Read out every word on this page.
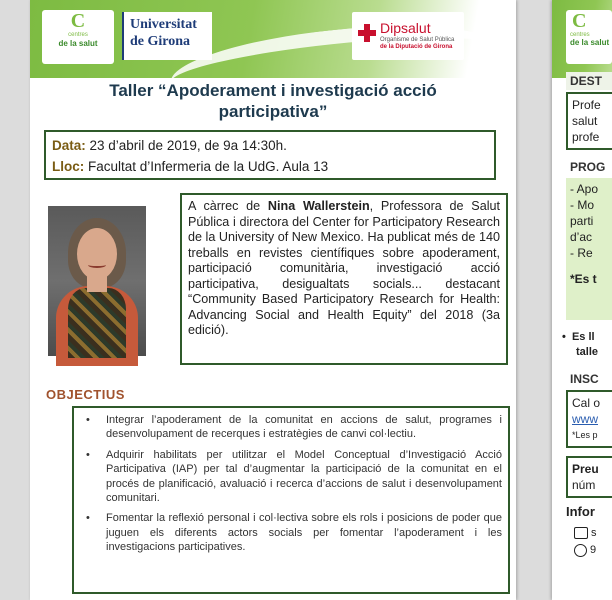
C
centres
de la salut
Universitat
de Girona
Dipsalut
Organisme de Salut Pública
de la Diputació de Girona
Taller “Apoderament i investigació acció
participativa”
Data: 23 d’abril de 2019, de 9a 14:30h.
Lloc: Facultat d’Infermeria de la UdG. Aula 13
A càrrec de Nina Wallerstein, Professora de Salut Pública i directora del Center for Participatory Research de la University of New Mexico. Ha publicat més de 140 treballs en revistes científiques sobre apoderament, participació comunitària, investigació acció participativa, desigualtats socials... destacant “Community Based Participatory Research for Health: Advancing Social and Health Equity” del 2018 (3a edició).
OBJECTIUS
• Integrar l’apoderament de la comunitat en accions de salut, programes i desenvolupament de recerques i estratègies de canvi col·lectiu.
• Adquirir habilitats per utilitzar el Model Conceptual d’Investigació Acció Participativa (IAP) per tal d’augmentar la participació de la comunitat en el procés de planificació, avaluació i recerca d’accions de salut i desenvolupament comunitari.
• Fomentar la reflexió personal i col·lectiva sobre els rols i posicions de poder que juguen els diferents actors socials per fomentar l’apoderament i les investigacions participatives.
C
centres
de la salut
DEST
Profe
salut
profe
PROG
- Apo
- Mo
parti
d’ac
- Re
*Es t
•  Es ll
talle
INSC
Cal o
www
*Les p
Preu
núm
Infor
s
9
